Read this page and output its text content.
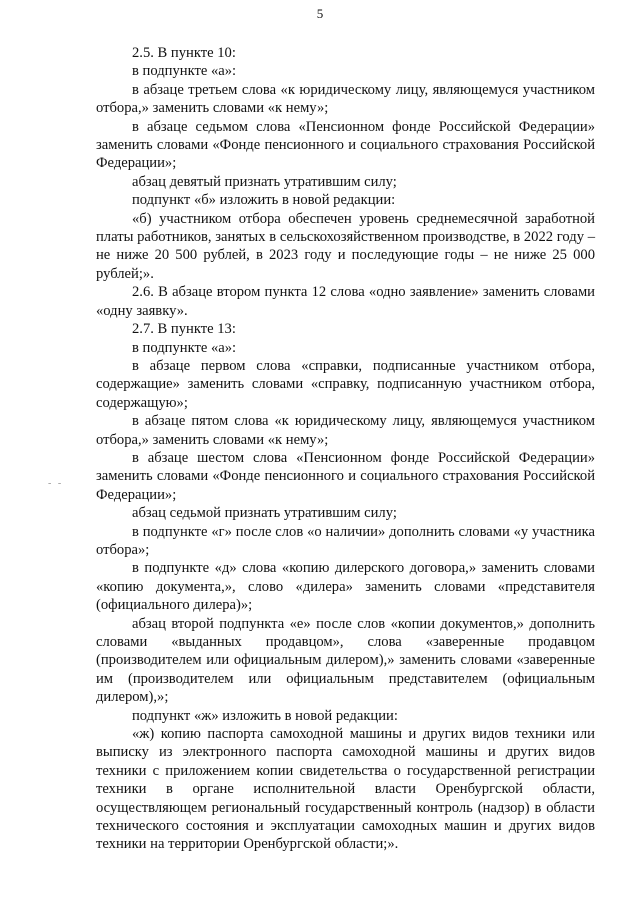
5
- -

2.5. В пункте 10:

в подпункте «а»:

в абзаце третьем слова «к юридическому лицу, являющемуся участником отбора,» заменить словами «к нему»;

в абзаце седьмом слова «Пенсионном фонде Российской Федерации» заменить словами «Фонде пенсионного и социального страхования Российской Федерации»;

абзац девятый признать утратившим силу;

подпункт «б» изложить в новой редакции:

«б) участником отбора обеспечен уровень среднемесячной заработной платы работников, занятых в сельскохозяйственном производстве, в 2022 году – не ниже 20 500 рублей, в 2023 году и последующие годы – не ниже 25 000 рублей;».

2.6. В абзаце втором пункта 12 слова «одно заявление» заменить словами «одну заявку».

2.7. В пункте 13:

в подпункте «а»:

в абзаце первом слова «справки, подписанные участником отбора, содержащие» заменить словами «справку, подписанную участником отбора, содержащую»;

в абзаце пятом слова «к юридическому лицу, являющемуся участником отбора,» заменить словами «к нему»;

в абзаце шестом слова «Пенсионном фонде Российской Федерации» заменить словами «Фонде пенсионного и социального страхования Российской Федерации»;

абзац седьмой признать утратившим силу;

в подпункте «г» после слов «о наличии» дополнить словами «у участника отбора»;

в подпункте «д» слова «копию дилерского договора,» заменить словами «копию документа,», слово «дилера» заменить словами «представителя (официального дилера)»;

абзац второй подпункта «е» после слов «копии документов,» дополнить словами «выданных продавцом», слова «заверенные продавцом (производителем или официальным дилером),» заменить словами «заверенные им (производителем или официальным представителем (официальным дилером),»;

подпункт «ж» изложить в новой редакции:

«ж) копию паспорта самоходной машины и других видов техники или выписку из электронного паспорта самоходной машины и других видов техники с приложением копии свидетельства о государственной регистрации техники в органе исполнительной власти Оренбургской области, осуществляющем региональный государственный контроль (надзор) в области технического состояния и эксплуатации самоходных машин и других видов техники на территории Оренбургской области;».
